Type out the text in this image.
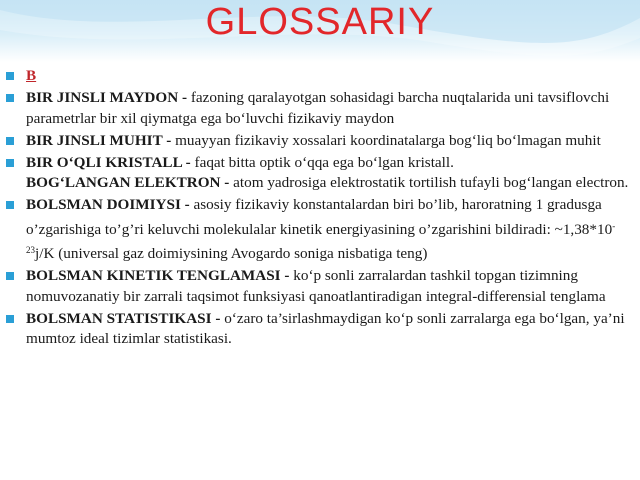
GLOSSARIY
B
BIR JINSLI MAYDON - fazoning qaralayotgan sohasidagi barcha nuqtalarida uni tavsiflovchi parametrlar bir xil qiymatga ega bo‘luvchi fizikaviy maydon
BIR JINSLI MUHIT - muayyan fizikaviy xossalari koordinatalarga bog‘liq bo‘lmagan muhit
BIR O‘QLI KRISTALL - faqat bitta optik o‘qqa ega bo‘lgan kristall.
BOG‘LANGAN ELEKTRON - atom yadrosiga elektrostatik tortilish tufayli bog‘langan electron.
BOLSMAN DOIMIYSI - asosiy fizikaviy konstantalardan biri bo’lib, haroratning 1 gradusga o’zgarishiga to’g’ri keluvchi molekulalar kinetik energiyasining o’zgarishini bildiradi: $\sim 1,38*10^{-23}j/K$ (universal gaz doimiysining Avogardo soniga nisbatiga teng)
BOLSMAN KINETIK TENGLAMASI - ko‘p sonli zarralardan tashkil topgan tizimning nomuvozanatiy bir zarrali taqsimot funksiyasi qanoatlantiradigan integral-differensial tenglama
BOLSMAN STATISTIKASI - o‘zaro ta’sirlashmaydigan ko‘p sonli zarralarga ega bo‘lgan, ya’ni mumtoz ideal tizimlar statistikasi.
